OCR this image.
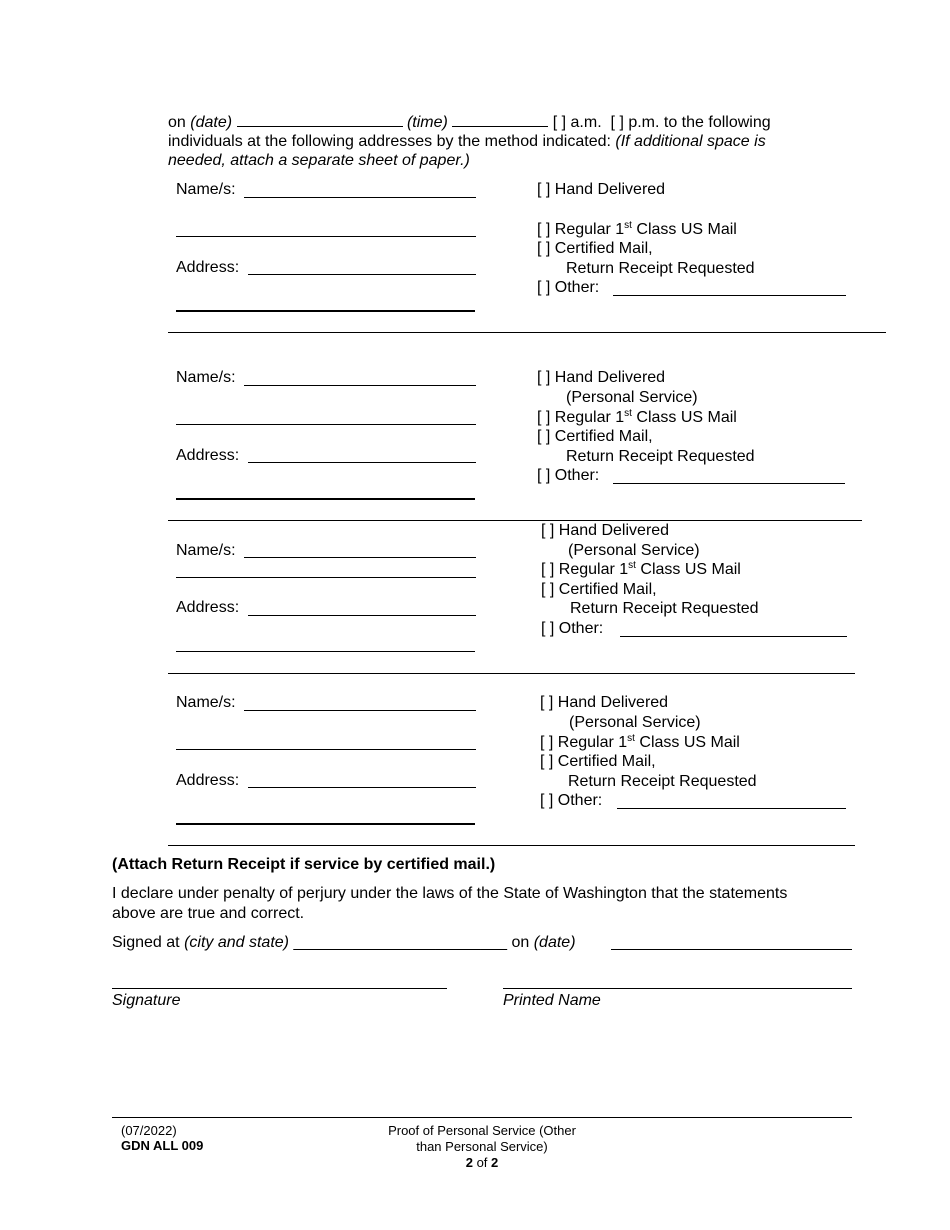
on (date)	(time)	[ ] a.m. [ ] p.m. to the following
individuals at the following addresses by the method indicated: (If additional space is
needed, attach a separate sheet of paper.)
Name/s:
Address:
[ ] Hand Delivered
[ ] Regular 1st Class US Mail
[ ] Certified Mail,
Return Receipt Requested
[ ] Other:
Name/s:
Address:
[ ] Hand Delivered
(Personal Service)
[ ] Regular 1st Class US Mail
[ ] Certified Mail,
Return Receipt Requested
[ ] Other:
Name/s:
Address:
[ ] Hand Delivered
(Personal Service)
[ ] Regular 1st Class US Mail
[ ] Certified Mail,
Return Receipt Requested
[ ] Other:
Name/s:
Address:
[ ] Hand Delivered
(Personal Service)
[ ] Regular 1st Class US Mail
[ ] Certified Mail,
Return Receipt Requested
[ ] Other:
(Attach Return Receipt if service by certified mail.)
I declare under penalty of perjury under the laws of the State of Washington that the statements
above are true and correct.
Signed at (city and state) ________________________ on (date)
Signature	Printed Name
(07/2022)
GDN ALL 009
Proof of Personal Service (Other
than Personal Service)
2 of 2
